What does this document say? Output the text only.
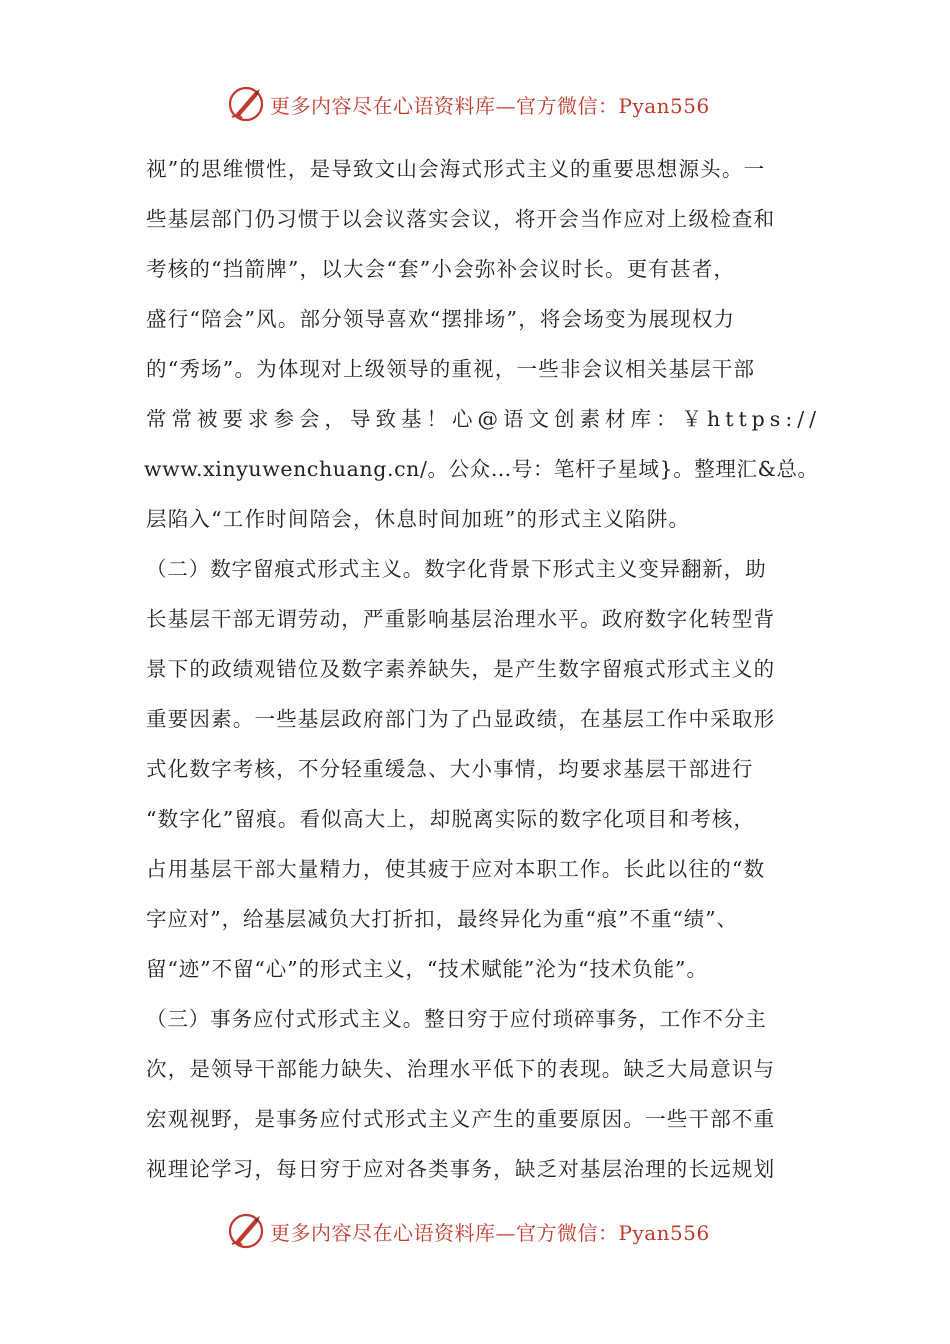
更多内容尽在心语资料库—官方微信：Pyan556
视”的思维惯性，是导致文山会海式形式主义的重要思想源头。一
些基层部门仍习惯于以会议落实会议，将开会当作应对上级检查和
考核的“挡箭牌”，以大会“套”小会弥补会议时长。更有甚者，
盛行“陪会”风。部分领导喜欢“摆排场”，将会场变为展现权力
的“秀场”。为体现对上级领导的重视，一些非会议相关基层干部
常常被要求参会，导致基！心@语文创素材库：￥https://
www.xinyuwenchuang.cn/。公众…号：笔杆子星域}。整理汇&总。
层陷入“工作时间陪会，休息时间加班”的形式主义陷阱。
（二）数字留痕式形式主义。数字化背景下形式主义变异翻新，助
长基层干部无谓劳动，严重影响基层治理水平。政府数字化转型背
景下的政绩观错位及数字素养缺失，是产生数字留痕式形式主义的
重要因素。一些基层政府部门为了凸显政绩，在基层工作中采取形
式化数字考核，不分轻重缓急、大小事情，均要求基层干部进行
“数字化”留痕。看似高大上，却脱离实际的数字化项目和考核，
占用基层干部大量精力，使其疲于应对本职工作。长此以往的“数
字应对”，给基层减负大打折扣，最终异化为重“痕”不重“绩”、
留“迹”不留“心”的形式主义，“技术赋能”沦为“技术负能”。
（三）事务应付式形式主义。整日穷于应付琐碎事务，工作不分主
次，是领导干部能力缺失、治理水平低下的表现。缺乏大局意识与
宏观视野，是事务应付式形式主义产生的重要原因。一些干部不重
视理论学习，每日穷于应对各类事务，缺乏对基层治理的长远规划
更多内容尽在心语资料库—官方微信：Pyan556
